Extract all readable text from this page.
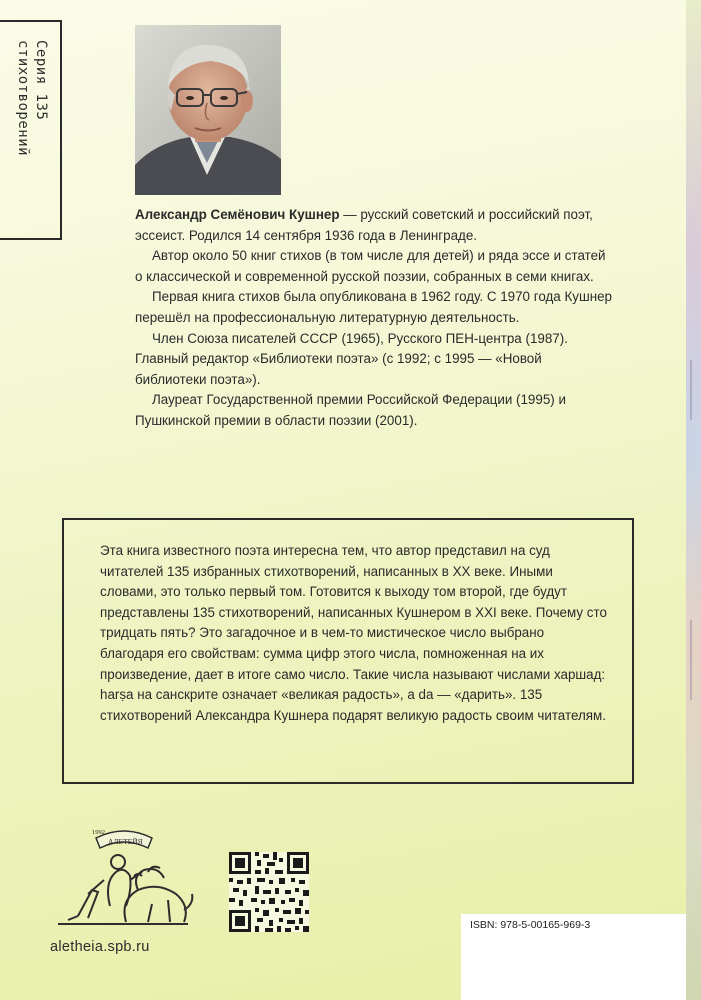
Серия 135
стихотворений

Александр Семёнович Кушнер — русский советский и российский поэт, эссеист. Родился 14 сентября 1936 года в Ленинграде.

Автор около 50 книг стихов (в том числе для детей) и ряда эссе и статей о классической и современной русской поэзии, собранных в семи книгах.

Первая книга стихов была опубликована в 1962 году. С 1970 года Кушнер перешёл на профессиональную литературную деятельность.

Член Союза писателей СССР (1965), Русского ПЕН-центра (1987). Главный редактор «Библиотеки поэта» (с 1992; с 1995 — «Новой библиотеки поэта»).

Лауреат Государственной премии Российской Федерации (1995) и Пушкинской премии в области поэзии (2001).

Эта книга известного поэта интересна тем, что автор представил на суд читателей 135 избранных стихотворений, написанных в XX веке. Иными словами, это только первый том. Готовится к выходу том второй, где будут представлены 135 стихотворений, написанных Кушнером в XXI веке. Почему сто тридцать пять? Это загадочное и в чем-то мистическое число выбрано благодаря его свойствам: сумма цифр этого числа, помноженная на их произведение, дает в итоге само число. Такие числа называют числами харшад: harṣa на санскрите означает «великая радость», а da — «дарить». 135 стихотворений Александра Кушнера подарят великую радость своим читателям.

АЛЕТЕЙЯ
1992
aletheia.spb.ru
ISBN: 978-5-00165-969-3
